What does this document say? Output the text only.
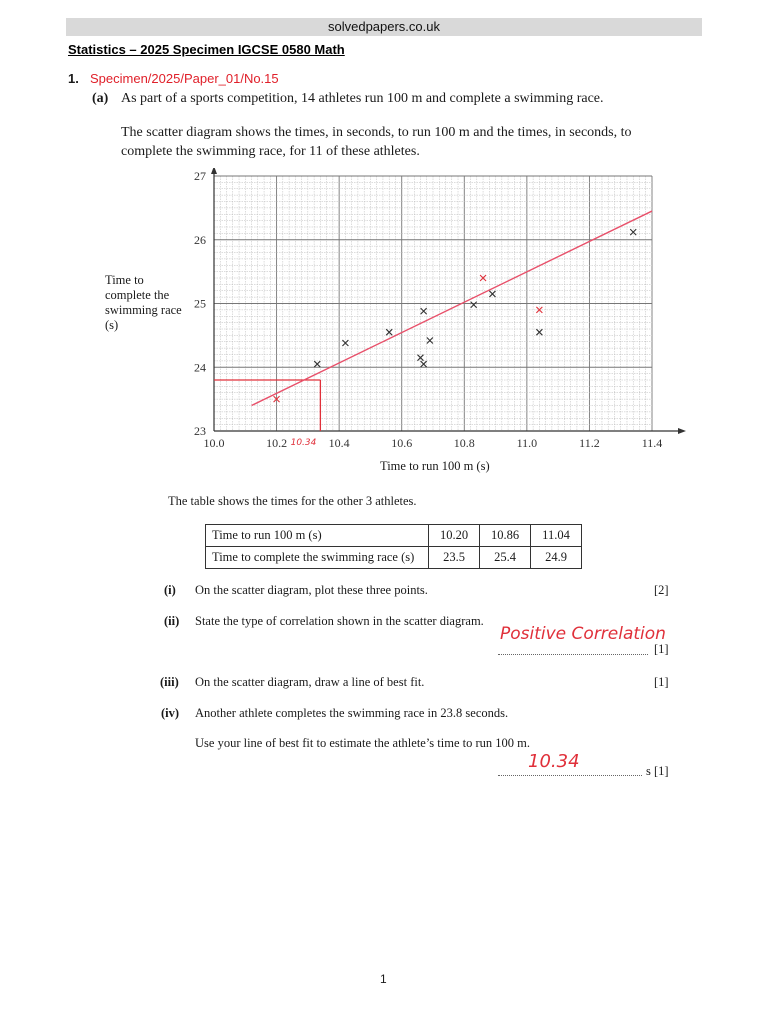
solvedpapers.co.uk
Statistics – 2025 Specimen IGCSE 0580 Math
1. Specimen/2025/Paper_01/No.15
(a) As part of a sports competition, 14 athletes run 100 m and complete a swimming race.
The scatter diagram shows the times, in seconds, to run 100 m and the times, in seconds, to
complete the swimming race, for 11 of these athletes.
Time to
complete the
swimming race
(s)
10.0	10.2	10.4	10.6	10.8	11.0	11.2	11.4
23
24
25
26
27
10.34
Time to run 100 m (s)
The table shows the times for the other 3 athletes.
Time to run 100 m (s)	10.20	10.86	11.04
Time to complete the swimming race (s)	23.5	25.4	24.9
(i) On the scatter diagram, plot these three points.	[2]
(ii) State the type of correlation shown in the scatter diagram.
Positive Correlation
[1]
(iii) On the scatter diagram, draw a line of best fit.	[1]
(iv) Another athlete completes the swimming race in 23.8 seconds.
Use your line of best fit to estimate the athlete’s time to run 100 m.
10.34	s [1]
1
